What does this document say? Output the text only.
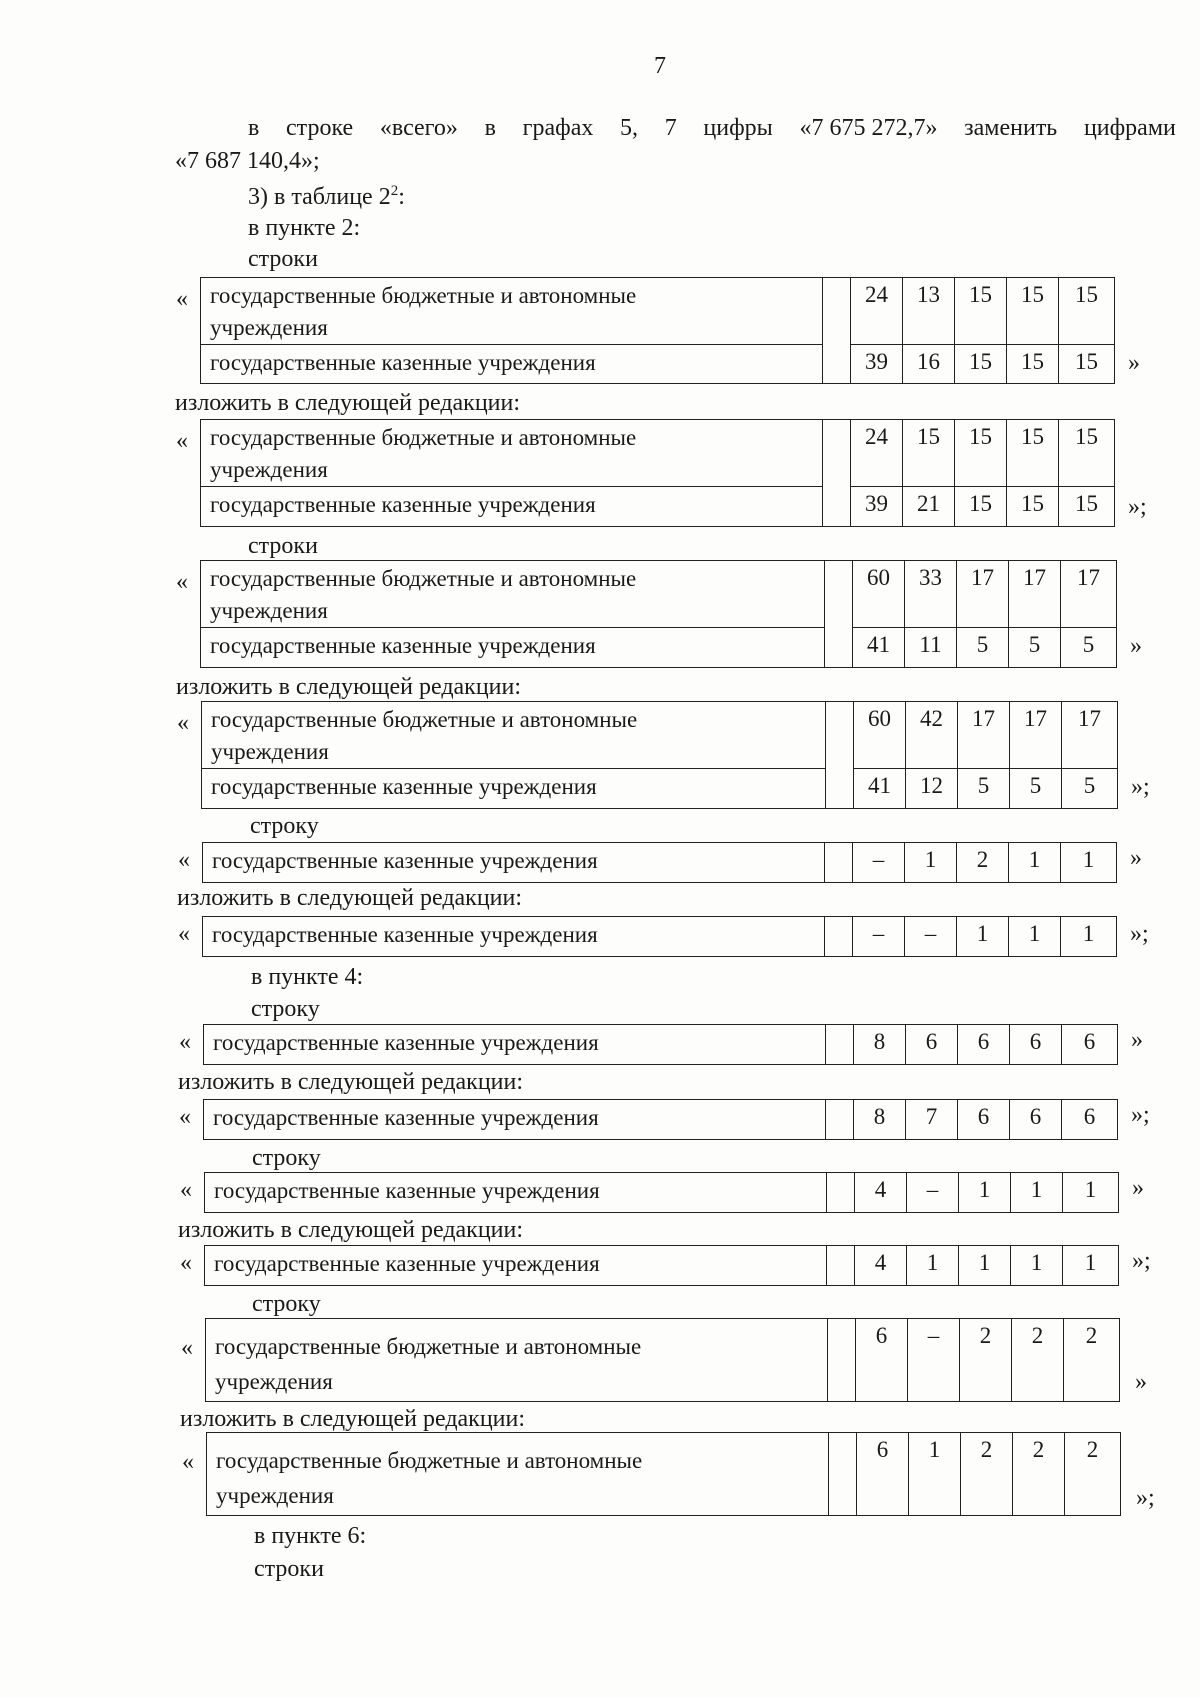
7
в строке «всего» в графах 5, 7 цифры «7 675 272,7» заменить цифрами
«7 687 140,4»;
3) в таблице $2^2$:
в пункте 2:
строки
« государственные бюджетные и автономные
учреждения		24	13	15	15	15
государственные казенные учреждения		39	16	15	15	15 »
изложить в следующей редакции:
« государственные бюджетные и автономные
учреждения		24	15	15	15	15
государственные казенные учреждения		39	21	15	15	15 »;
строки
« государственные бюджетные и автономные
учреждения		60	33	17	17	17
государственные казенные учреждения		41	11	5	5	5 »
изложить в следующей редакции:
« государственные бюджетные и автономные
учреждения		60	42	17	17	17
государственные казенные учреждения		41	12	5	5	5 »;
строку
« государственные казенные учреждения		–	1	2	1	1 »
изложить в следующей редакции:
« государственные казенные учреждения		–	–	1	1	1 »;
в пункте 4:
строку
« государственные казенные учреждения		8	6	6	6	6 »
изложить в следующей редакции:
« государственные казенные учреждения		8	7	6	6	6 »;
строку
« государственные казенные учреждения		4	–	1	1	1 »
изложить в следующей редакции:
« государственные казенные учреждения		4	1	1	1	1 »;
строку
« государственные бюджетные и автономные
учреждения		6	–	2	2	2
»
изложить в следующей редакции:
« государственные бюджетные и автономные
учреждения		6	1	2	2	2
»;
в пункте 6:
строки
